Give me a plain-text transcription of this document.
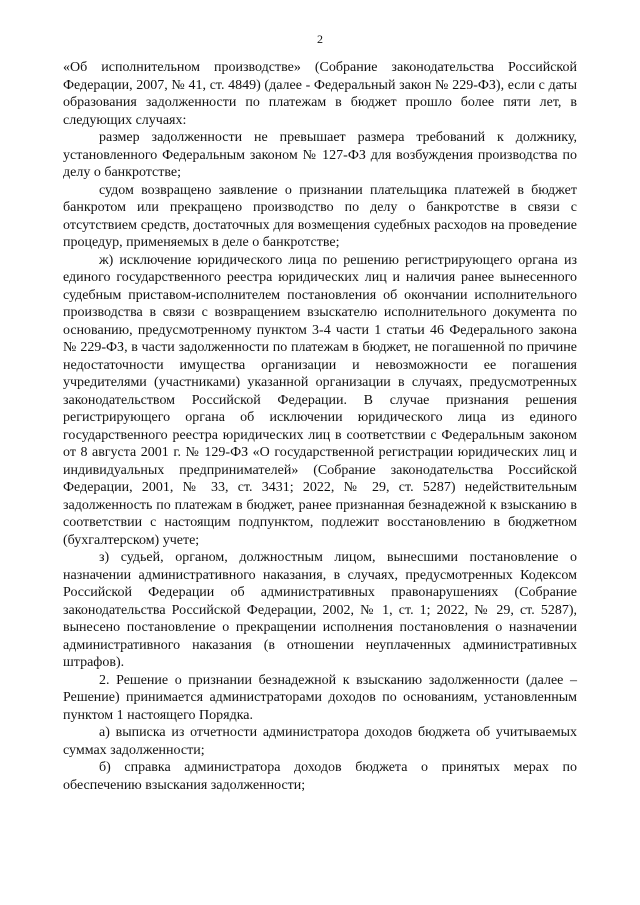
2

«Об исполнительном производстве» (Собрание законодательства Российской Федерации, 2007, № 41, ст. 4849) (далее - Федеральный закон № 229-ФЗ), если с даты образования задолженности по платежам в бюджет прошло более пяти лет, в следующих случаях:

размер задолженности не превышает размера требований к должнику, установленного Федеральным законом № 127-ФЗ для возбуждения производства по делу о банкротстве;

судом возвращено заявление о признании плательщика платежей в бюджет банкротом или прекращено производство по делу о банкротстве в связи с отсутствием средств, достаточных для возмещения судебных расходов на проведение процедур, применяемых в деле о банкротстве;

ж) исключение юридического лица по решению регистрирующего органа из единого государственного реестра юридических лиц и наличия ранее вынесенного судебным приставом-исполнителем постановления об окончании исполнительного производства в связи с возвращением взыскателю исполнительного документа по основанию, предусмотренному пунктом 3-4 части 1 статьи 46 Федерального закона № 229-ФЗ, в части задолженности по платежам в бюджет, не погашенной по причине недостаточности имущества организации и невозможности ее погашения учредителями (участниками) указанной организации в случаях, предусмотренных законодательством Российской Федерации. В случае признания решения регистрирующего органа об исключении юридического лица из единого государственного реестра юридических лиц в соответствии с Федеральным законом от 8 августа 2001 г. № 129-ФЗ «О государственной регистрации юридических лиц и индивидуальных предпринимателей» (Собрание законодательства Российской Федерации, 2001, № 33, ст. 3431; 2022, № 29, ст. 5287) недействительным задолженность по платежам в бюджет, ранее признанная безнадежной к взысканию в соответствии с настоящим подпунктом, подлежит восстановлению в бюджетном (бухгалтерском) учете;

з) судьей, органом, должностным лицом, вынесшими постановление о назначении административного наказания, в случаях, предусмотренных Кодексом Российской Федерации об административных правонарушениях (Собрание законодательства Российской Федерации, 2002, № 1, ст. 1; 2022, № 29, ст. 5287), вынесено постановление о прекращении исполнения постановления о назначении административного наказания (в отношении неуплаченных административных штрафов).

2. Решение о признании безнадежной к взысканию задолженности (далее – Решение) принимается администраторами доходов по основаниям, установленным пунктом 1 настоящего Порядка.

а) выписка из отчетности администратора доходов бюджета об учитываемых суммах задолженности;

б) справка администратора доходов бюджета о принятых мерах по обеспечению взыскания задолженности;
